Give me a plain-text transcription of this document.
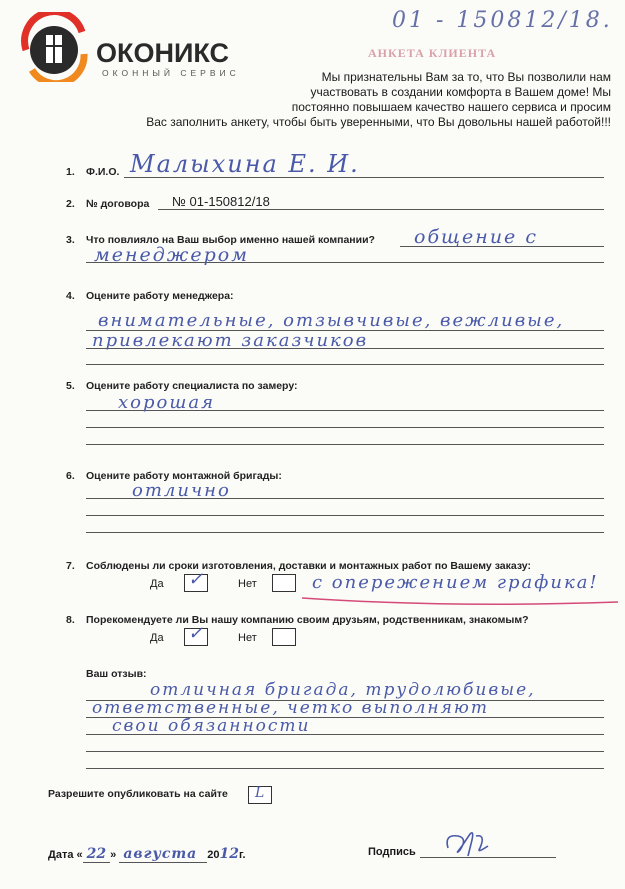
ОКОНИКС
ОКОННЫЙ СЕРВИС
01 - 150812/18.
АНКЕТА КЛИЕНТА
Мы признательны Вам за то, что Вы позволили нам
участвовать в создании комфорта в Вашем доме! Мы
постоянно повышаем качество нашего сервиса и просим
Вас заполнить анкету, чтобы быть уверенными, что Вы довольны нашей работой!!!
1. Ф.И.О. Малыхина Е. И.
2. № договора № 01-150812/18
3. Что повлияло на Ваш выбор именно нашей компании? общение с
менеджером
4. Оцените работу менеджера:
внимательные, отзывчивые, вежливые,
привлекают заказчиков
5. Оцените работу специалиста по замеру:
хорошая
6. Оцените работу монтажной бригады:
отлично
7. Соблюдены ли сроки изготовления, доставки и монтажных работ по Вашему заказу:
Да ✓	Нет	с опережением графика!
8. Порекомендуете ли Вы нашу компанию своим друзьям, родственникам, знакомым?
Да ✓	Нет
Ваш отзыв:
отличная бригада, трудолюбивые,
ответственные, четко выполняют
свои обязанности
Разрешите опубликовать на сайте L
Дата « 22 » августа 2012г.	Подпись
